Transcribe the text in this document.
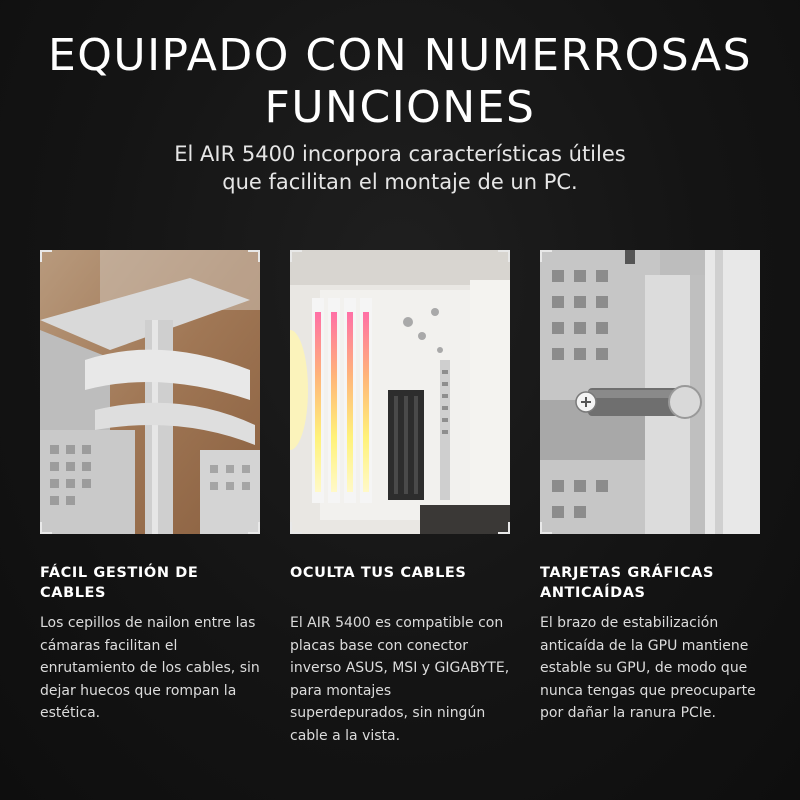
EQUIPADO CON NUMERROSAS
FUNCIONES

El AIR 5400 incorpora características útiles
que facilitan el montaje de un PC.

FÁCIL GESTIÓN DE CABLES
OCULTA TUS CABLES	TARJETAS GRÁFICAS ANTICAÍDAS

Los cepillos de nailon entre las cámaras facilitan el enrutamiento de los cables, sin dejar huecos que rompan la estética.

El AIR 5400 es compatible con placas base con conector inverso ASUS, MSI y GIGABYTE, para montajes superdepurados, sin ningún cable a la vista.

El brazo de estabilización anticaída de la GPU mantiene estable su GPU, de modo que nunca tengas que preocuparte por dañar la ranura PCIe.
